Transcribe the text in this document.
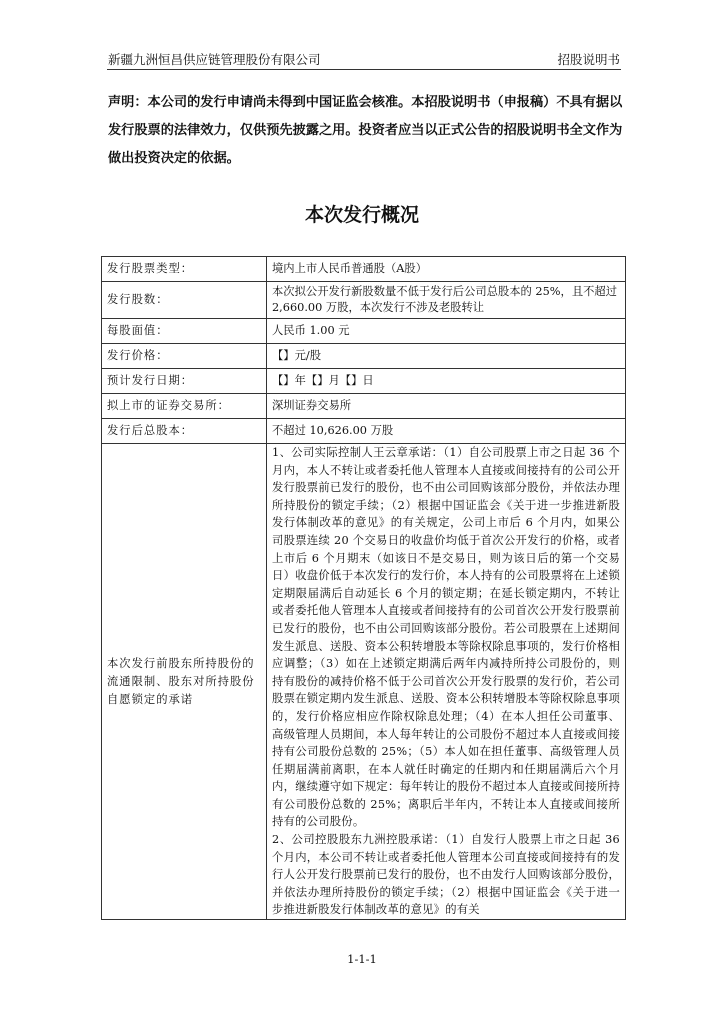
新疆九洲恒昌供应链管理股份有限公司	招股说明书
声明：本公司的发行申请尚未得到中国证监会核准。本招股说明书（申报稿）不具有据以发行股票的法律效力，仅供预先披露之用。投资者应当以正式公告的招股说明书全文作为做出投资决定的依据。
本次发行概况
发行股票类型：	境内上市人民币普通股（A股）
发行股数：	本次拟公开发行新股数量不低于发行后公司总股本的 25%，且不超过 2,660.00 万股，本次发行不涉及老股转让
每股面值：	人民币 1.00 元
发行价格：	【】元/股
预计发行日期：	【】年【】月【】日
拟上市的证券交易所：	深圳证券交易所
发行后总股本：	不超过 10,626.00 万股
本次发行前股东所持股份的流通限制、股东对所持股份自愿锁定的承诺	1、公司实际控制人王云章承诺：（1）自公司股票上市之日起 36 个月内，本人不转让或者委托他人管理本人直接或间接持有的公司公开发行股票前已发行的股份，也不由公司回购该部分股份，并依法办理所持股份的锁定手续；（2）根据中国证监会《关于进一步推进新股发行体制改革的意见》的有关规定，公司上市后 6 个月内，如果公司股票连续 20 个交易日的收盘价均低于首次公开发行的价格，或者上市后 6 个月期末（如该日不是交易日，则为该日后的第一个交易日）收盘价低于本次发行的发行价，本人持有的公司股票将在上述锁定期限届满后自动延长 6 个月的锁定期；在延长锁定期内，不转让或者委托他人管理本人直接或者间接持有的公司首次公开发行股票前已发行的股份，也不由公司回购该部分股份。若公司股票在上述期间发生派息、送股、资本公积转增股本等除权除息事项的，发行价格相应调整；（3）如在上述锁定期满后两年内减持所持公司股份的，则持有股份的减持价格不低于公司首次公开发行股票的发行价，若公司股票在锁定期内发生派息、送股、资本公积转增股本等除权除息事项的，发行价格应相应作除权除息处理；（4）在本人担任公司董事、高级管理人员期间，本人每年转让的公司股份不超过本人直接或间接持有公司股份总数的 25%；（5）本人如在担任董事、高级管理人员任期届满前离职，在本人就任时确定的任期内和任期届满后六个月内，继续遵守如下规定：每年转让的股份不超过本人直接或间接所持有公司股份总数的 25%；离职后半年内，不转让本人直接或间接所持有的公司股份。
2、公司控股股东九洲控股承诺：（1）自发行人股票上市之日起 36 个月内，本公司不转让或者委托他人管理本公司直接或间接持有的发行人公开发行股票前已发行的股份，也不由发行人回购该部分股份，并依法办理所持股份的锁定手续；（2）根据中国证监会《关于进一步推进新股发行体制改革的意见》的有关
1-1-1
